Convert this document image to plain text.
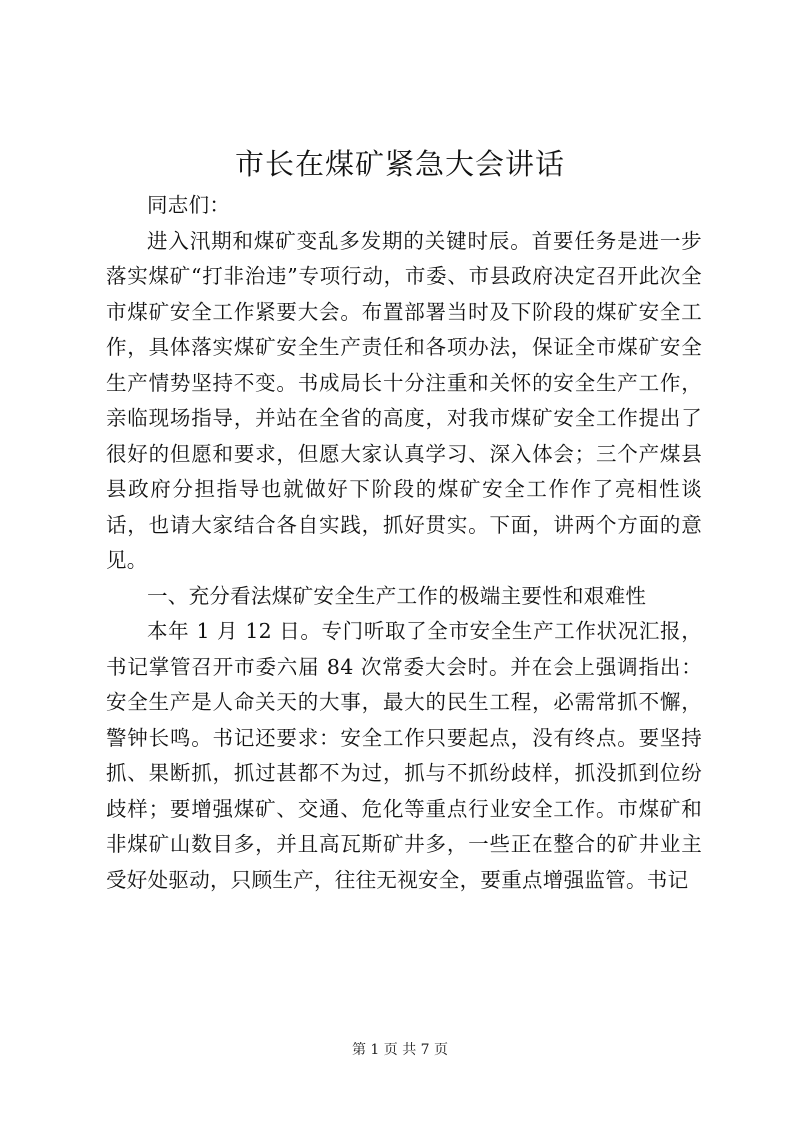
市长在煤矿紧急大会讲话

同志们：

进入汛期和煤矿变乱多发期的关键时辰。首要任务是进一步落实煤矿“打非治违”专项行动，市委、市县政府决定召开此次全市煤矿安全工作紧要大会。布置部署当时及下阶段的煤矿安全工作，具体落实煤矿安全生产责任和各项办法，保证全市煤矿安全生产情势坚持不变。书成局长十分注重和关怀的安全生产工作，亲临现场指导，并站在全省的高度，对我市煤矿安全工作提出了很好的但愿和要求，但愿大家认真学习、深入体会；三个产煤县县政府分担指导也就做好下阶段的煤矿安全工作作了亮相性谈话，也请大家结合各自实践，抓好贯实。下面，讲两个方面的意见。

一、充分看法煤矿安全生产工作的极端主要性和艰难性

本年 1 月 12 日。专门听取了全市安全生产工作状况汇报，书记掌管召开市委六届 84 次常委大会时。并在会上强调指出：安全生产是人命关天的大事，最大的民生工程，必需常抓不懈，警钟长鸣。书记还要求：安全工作只要起点，没有终点。要坚持抓、果断抓，抓过甚都不为过，抓与不抓纷歧样，抓没抓到位纷歧样；要增强煤矿、交通、危化等重点行业安全工作。市煤矿和非煤矿山数目多，并且高瓦斯矿井多，一些正在整合的矿井业主受好处驱动，只顾生产，往往无视安全，要重点增强监管。书记

第 1 页 共 7 页
